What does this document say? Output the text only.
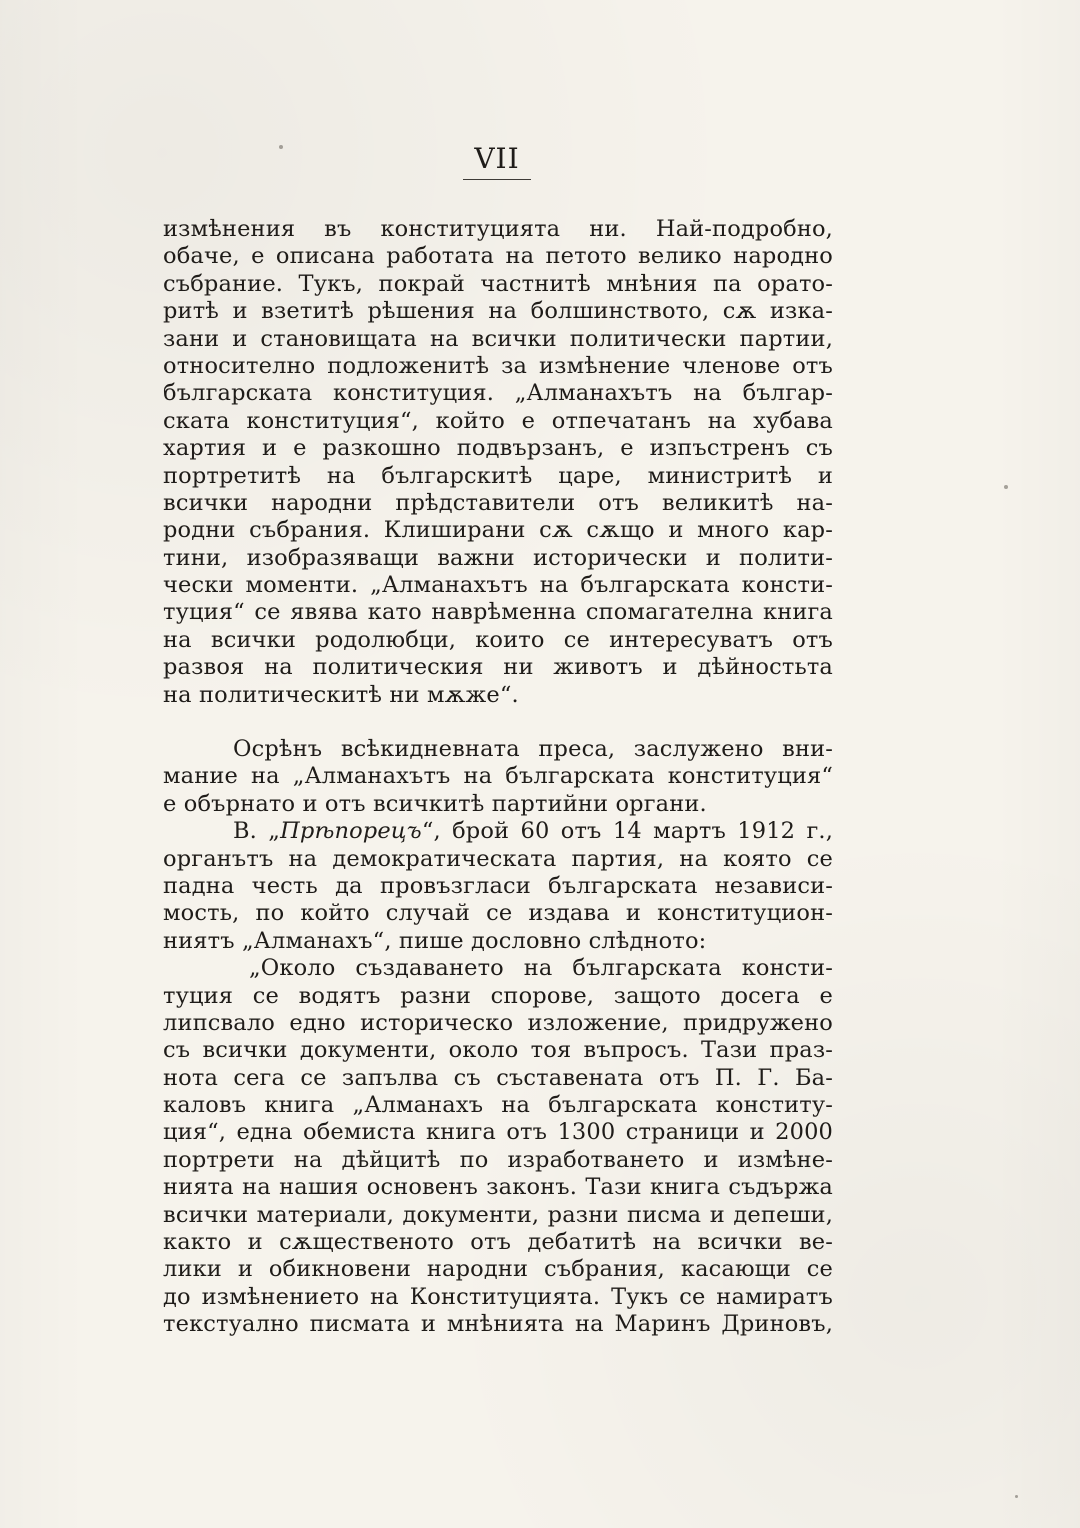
VII
измѣнения въ конституцията ни. Най-подробно,
обаче, е описана работата на петото велико народно
събрание. Тукъ, покрай частнитѣ мнѣния па орато-
ритѣ и взетитѣ рѣшения на болшинството, сѫ изка-
зани и становищата на всички политически партии,
относително подложенитѣ за измѣнение членове отъ
българската конституция. „Алманахътъ на българ-
ската конституция“, който е отпечатанъ на хубава
хартия и е разкошно подвързанъ, е изпъстренъ съ
портретитѣ на българскитѣ царе, министритѣ и
всички народни прѣдставители отъ великитѣ на-
родни събрания. Клиширани сѫ сѫщо и много кар-
тини, изобразяващи важни исторически и полити-
чески моменти. „Алманахътъ на българската консти-
туция“ се явява като наврѣменна спомагателна книга
на всички родолюбци, които се интересуватъ отъ
развоя на политическия ни животъ и дѣйностьта
на политическитѣ ни мѫже“.
Осрѣнъ всѣкидневната преса, заслужено вни-
мание на „Алманахътъ на българската конституция“
е обърнато и отъ всичкитѣ партийни органи.
В. „Прѣпорецъ“, брой 60 отъ 14 мартъ 1912 г.,
органътъ на демократическата партия, на която се
падна честь да провъзгласи българската независи-
мость, по който случай се издава и конституцион-
ниятъ „Алманахъ“, пише дословно слѣдното:
„Около създаването на българската консти-
туция се водятъ разни спорове, защото досега е
липсвало едно историческо изложение, придружено
съ всички документи, около тоя въпросъ. Тази праз-
нота сега се запълва съ съставената отъ П. Г. Ба-
каловъ книга „Алманахъ на българската конститу-
ция“, една обемиста книга отъ 1300 страници и 2000
портрети на дѣйцитѣ по изработването и измѣне-
нията на нашия основенъ законъ. Тази книга съдържа
всички материали, документи, разни писма и депеши,
както и сѫщественото отъ дебатитѣ на всички ве-
лики и обикновени народни събрания, касающи се
до измѣнението на Конституцията. Тукъ се намиратъ
текстуално писмата и мнѣнията на Маринъ Дриновъ,
